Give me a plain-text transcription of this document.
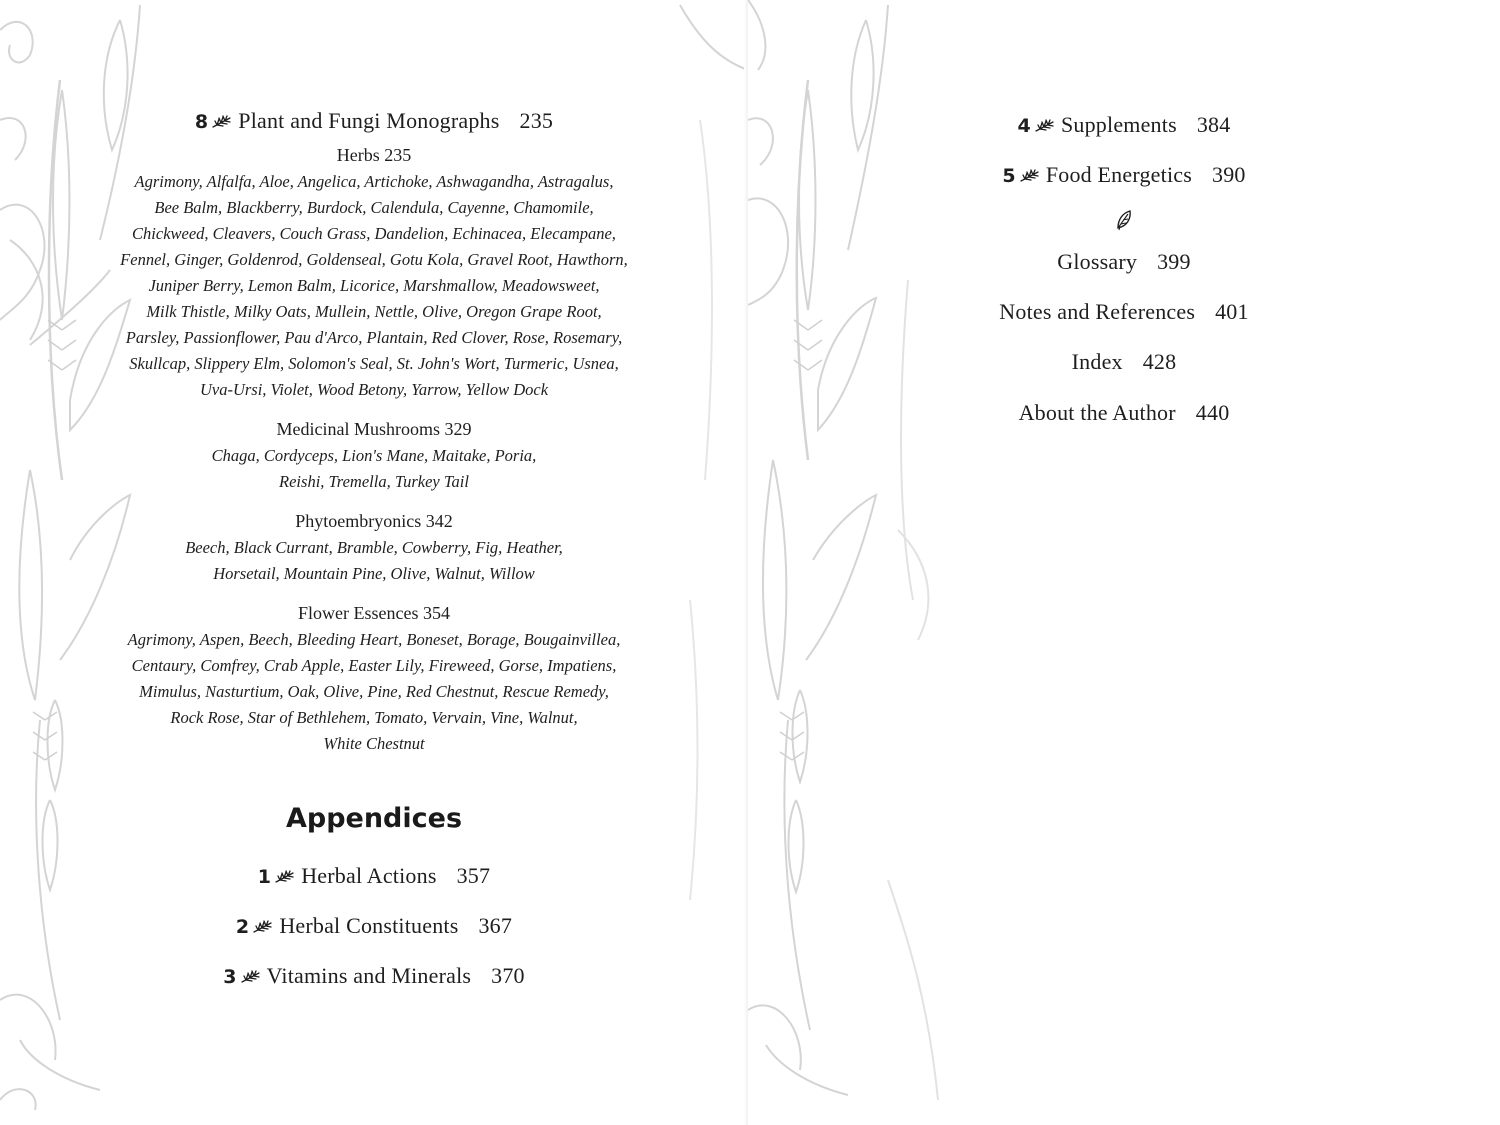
8 Plant and Fungi Monographs 235
Herbs 235
Agrimony, Alfalfa, Aloe, Angelica, Artichoke, Ashwagandha, Astragalus,
Bee Balm, Blackberry, Burdock, Calendula, Cayenne, Chamomile,
Chickweed, Cleavers, Couch Grass, Dandelion, Echinacea, Elecampane,
Fennel, Ginger, Goldenrod, Goldenseal, Gotu Kola, Gravel Root, Hawthorn,
Juniper Berry, Lemon Balm, Licorice, Marshmallow, Meadowsweet,
Milk Thistle, Milky Oats, Mullein, Nettle, Olive, Oregon Grape Root,
Parsley, Passionflower, Pau d'Arco, Plantain, Red Clover, Rose, Rosemary,
Skullcap, Slippery Elm, Solomon's Seal, St. John's Wort, Turmeric, Usnea,
Uva-Ursi, Violet, Wood Betony, Yarrow, Yellow Dock
Medicinal Mushrooms 329
Chaga, Cordyceps, Lion's Mane, Maitake, Poria,
Reishi, Tremella, Turkey Tail
Phytoembryonics 342
Beech, Black Currant, Bramble, Cowberry, Fig, Heather,
Horsetail, Mountain Pine, Olive, Walnut, Willow
Flower Essences 354
Agrimony, Aspen, Beech, Bleeding Heart, Boneset, Borage, Bougainvillea,
Centaury, Comfrey, Crab Apple, Easter Lily, Fireweed, Gorse, Impatiens,
Mimulus, Nasturtium, Oak, Olive, Pine, Red Chestnut, Rescue Remedy,
Rock Rose, Star of Bethlehem, Tomato, Vervain, Vine, Walnut,
White Chestnut
Appendices
1 Herbal Actions 357
2 Herbal Constituents 367
3 Vitamins and Minerals 370
4 Supplements 384
5 Food Energetics 390
Glossary 399
Notes and References 401
Index 428
About the Author 440
